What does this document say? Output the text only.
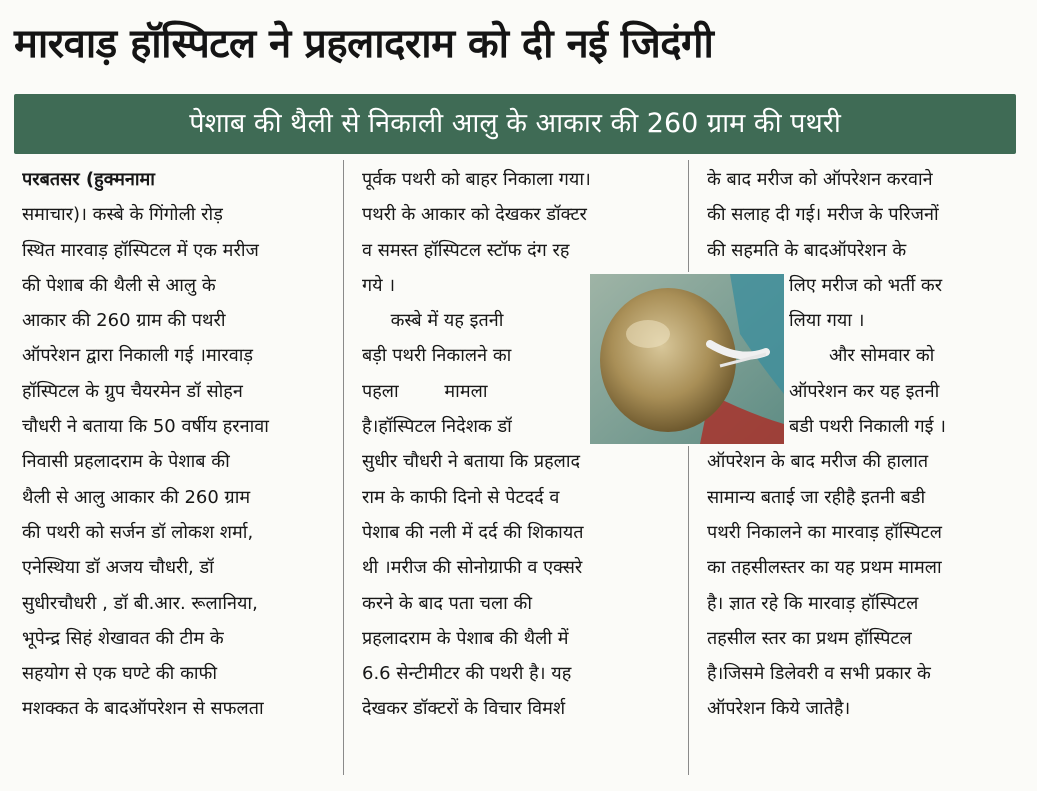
मारवाड़ हॉस्पिटल ने प्रहलादराम को दी नई जिदंगी
पेशाब की थैली से निकाली आलु के आकार की 260 ग्राम की पथरी
परबतसर (हुक्मनामा
समाचार)। कस्बे के गिंगोली रोड़
स्थित मारवाड़ हॉस्पिटल में एक मरीज
की पेशाब की थैली से आलु के
आकार की 260 ग्राम की पथरी
ऑपरेशन द्वारा निकाली गई ।मारवाड़
हॉस्पिटल के ग्रुप चैयरमेन डॉ सोहन
चौधरी ने बताया कि 50 वर्षीय हरनावा
निवासी प्रहलादराम के पेशाब की
थैली से आलु आकार की 260 ग्राम
की पथरी को सर्जन डॉ लोकश शर्मा,
एनेस्थिया डॉ अजय चौधरी, डॉ
सुधीरचौधरी , डॉ बी.आर. रूलानिया,
भूपेन्द्र सिहं शेखावत की टीम के
सहयोग से एक घण्टे की काफी
मशक्कत के बादऑपरेशन से सफलता
पूर्वक पथरी को बाहर निकाला गया।
पथरी के आकार को देखकर डॉक्टर
व समस्त हॉस्पिटल स्टॉफ दंग रह
गये ।
कस्बे में यह इतनी
बड़ी पथरी निकालने का
पहला        मामला
है।हॉस्पिटल निदेशक डॉ
सुधीर चौधरी ने बताया कि प्रहलाद
राम के काफी दिनो से पेटदर्द व
पेशाब की नली में दर्द की शिकायत
थी ।मरीज की सोनोग्राफी व एक्सरे
करने के बाद पता चला की
प्रहलादराम के पेशाब की थैली में
6.6 सेन्टीमीटर की पथरी है। यह
देखकर डॉक्टरों के विचार विमर्श
के बाद मरीज को ऑपरेशन करवाने
की सलाह दी गई। मरीज के परिजनों
की सहमति के बादऑपरेशन के
लिए मरीज को भर्ती कर
लिया गया ।
और सोमवार को
ऑपरेशन कर यह इतनी
बडी पथरी निकाली गई ।
ऑपरेशन के बाद मरीज की हालात
सामान्य बताई जा रहीहै इतनी बडी
पथरी निकालने का मारवाड़ हॉस्पिटल
का तहसीलस्तर का यह प्रथम मामला
है। ज्ञात रहे कि मारवाड़ हॉस्पिटल
तहसील स्तर का प्रथम हॉस्पिटल
है।जिसमे डिलेवरी व सभी प्रकार के
ऑपरेशन किये जातेहै।
